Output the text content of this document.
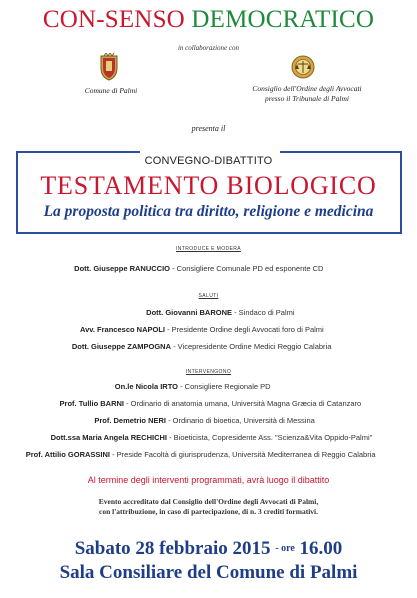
CON-SENSO DEMOCRATICO
in collaborazione con
Comune di Palmi	Consiglio dell'Ordine degli Avvocati
presso il Tribunale di Palmi
presenta il
CONVEGNO-DIBATTITO
TESTAMENTO BIOLOGICO
La proposta politica tra diritto, religione e medicina
INTRODUCE E MODERA
Dott. Giuseppe RANUCCIO - Consigliere Comunale PD ed esponente CD
SALUTI
Dott. Giovanni BARONE - Sindaco di Palmi
Avv. Francesco NAPOLI - Presidente Ordine degli Avvocati foro di Palmi
Dott. Giuseppe ZAMPOGNA - Vicepresidente Ordine Medici Reggio Calabria
INTERVENGONO
On.le Nicola IRTO - Consigliere Regionale PD
Prof. Tullio BARNI - Ordinario di anatomia umana, Università Magna Græcia di Catanzaro
Prof. Demetrio NERI - Ordinario di bioetica, Università di Messina
Dott.ssa Maria Angela RECHICHI - Bioeticista, Copresidente Ass. "Scienza&Vita Oppido-Palmi"
Prof. Attilio GORASSINI - Preside Facoltà di giurisprudenza, Università Mediterranea di Reggio Calabria
Al termine degli interventi programmati, avrà luogo il dibattito
Evento accreditato dal Consiglio dell'Ordine degli Avvocati di Palmi,
con l'attribuzione, in caso di partecipazione, di n. 3 crediti formativi.
Sabato 28 febbraio 2015 - ore 16.00
Sala Consiliare del Comune di Palmi
